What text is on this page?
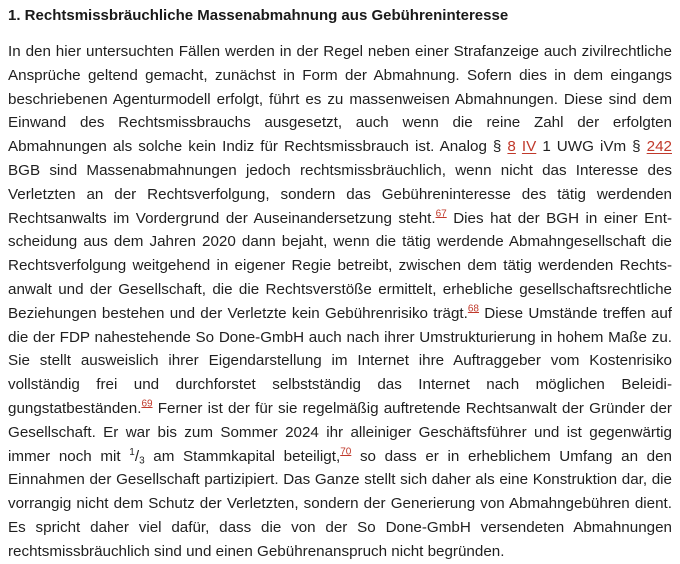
1. Rechtsmissbräuchliche Massenabmahnung aus Gebühreninteresse

In den hier untersuchten Fällen werden in der Regel neben einer Strafanzeige auch zivilrechtliche Ansprüche geltend gemacht, zunächst in Form der Abmahnung. Sofern dies in dem eingangs beschriebenen Agenturmodell erfolgt, führt es zu massenweisen Abmahnungen. Diese sind dem Einwand des Rechtsmissbrauchs ausgesetzt, auch wenn die reine Zahl der erfolgten Abmahnungen als solche kein Indiz für Rechtsmissbrauch ist. Analog § 8 IV 1 UWG iVm § 242 BGB sind Massenabmahnungen jedoch rechtsmissbräuchlich, wenn nicht das Interesse des Verletzten an der Rechtsverfolgung, sondern das Gebühreninteresse des tätig werdenden Rechtsanwalts im Vordergrund der Auseinandersetzung steht.$^{67}$ Dies hat der BGH in einer Entscheidung aus dem Jahren 2020 dann bejaht, wenn die tätig werdende Abmahngesellschaft die Rechtsverfolgung weitgehend in eigener Regie betreibt, zwischen dem tätig werdenden Rechtsanwalt und der Gesellschaft, die die Rechtsverstöße ermittelt, erhebliche gesellschaftsrechtliche Beziehungen bestehen und der Verletzte kein Gebührenrisiko trägt.$^{68}$ Diese Umstände treffen auf die der FDP nahestehende So Done-GmbH auch nach ihrer Umstrukturierung in hohem Maße zu. Sie stellt ausweislich ihrer Eigendarstellung im Internet ihre Auftraggeber vom Kostenrisiko vollständig frei und durchforstet selbstständig das Internet nach möglichen Beleidigungstatbeständen.$^{69}$ Ferner ist der für sie regelmäßig auftretende Rechtsanwalt der Gründer der Gesellschaft. Er war bis zum Sommer 2024 ihr alleiniger Geschäftsführer und ist gegenwärtig immer noch mit $^1/_3$ am Stammkapital beteiligt,$^{70}$ so dass er in erheblichem Umfang an den Einnahmen der Gesellschaft partizipiert. Das Ganze stellt sich daher als eine Konstruktion dar, die vorrangig nicht dem Schutz der Verletzten, sondern der Generierung von Abmahngebühren dient. Es spricht daher viel dafür, dass die von der So Done-GmbH versendeten Abmahnungen rechtsmissbräuchlich sind und einen Gebührenanspruch nicht begründen.
